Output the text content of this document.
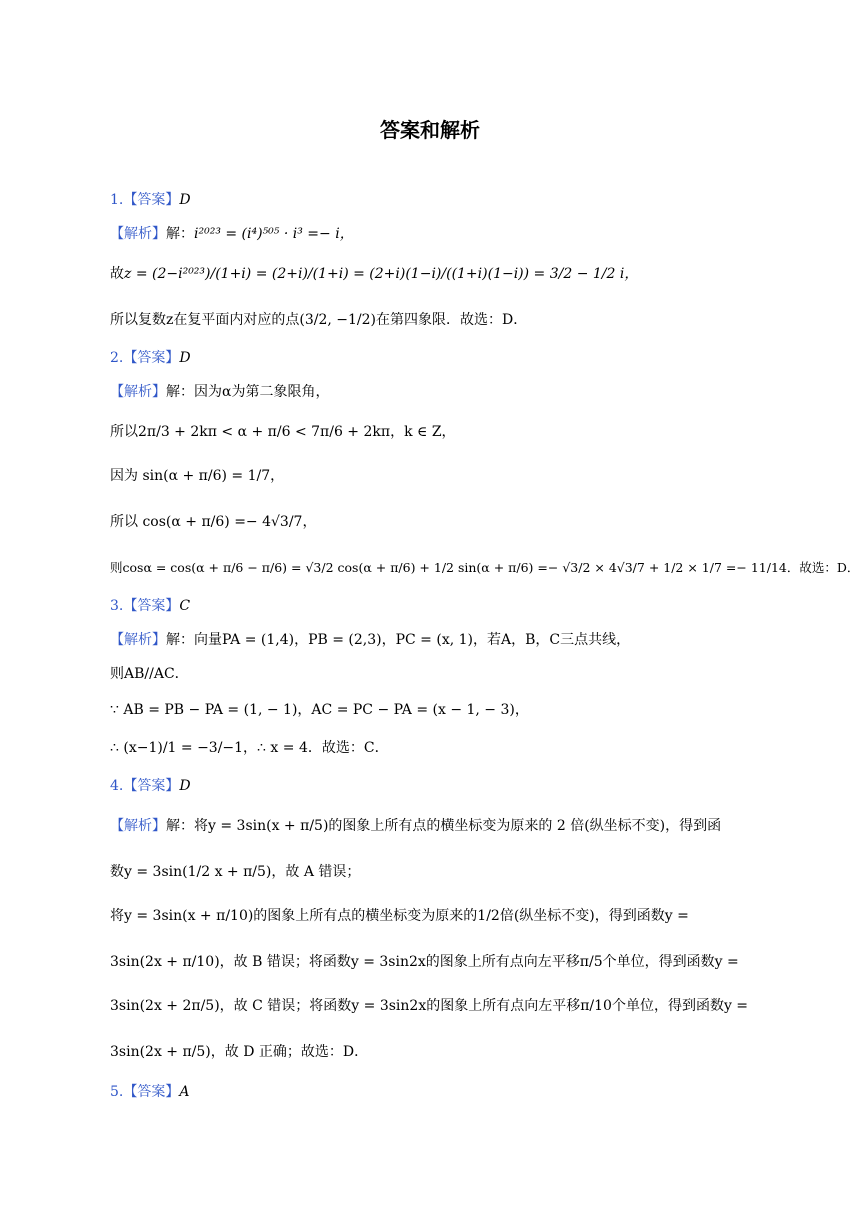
答案和解析
1.【答案】D
【解析】解：i²⁰²³ = (i⁴)⁵⁰⁵ · i³ =− i，
故z = (2−i²⁰²³)/(1+i) = (2+i)/(1+i) = (2+i)(1−i)/((1+i)(1−i)) = 3/2 − 1/2 i，
所以复数z在复平面内对应的点(3/2, −1/2)在第四象限．故选：D．
2.【答案】D
【解析】解：因为α为第二象限角，
所以2π/3 + 2kπ < α + π/6 < 7π/6 + 2kπ，k ∈ Z，
因为 sin(α + π/6) = 1/7，
所以 cos(α + π/6) =− 4√3/7，
则cosα = cos(α + π/6 − π/6) = √3/2 cos(α + π/6) + 1/2 sin(α + π/6) =− √3/2 × 4√3/7 + 1/2 × 1/7 =− 11/14．故选：D．
3.【答案】C
【解析】解：向量PA = (1,4)，PB = (2,3)，PC = (x, 1)，若A，B，C三点共线，
则AB//AC．
∵ AB = PB − PA = (1, − 1)，AC = PC − PA = (x − 1, − 3)，
∴ (x−1)/1 = −3/−1，∴ x = 4．故选：C．
4.【答案】D
【解析】解：将y = 3sin(x + π/5)的图象上所有点的横坐标变为原来的 2 倍(纵坐标不变)，得到函
数y = 3sin(1/2 x + π/5)，故 A 错误；
将y = 3sin(x + π/10)的图象上所有点的横坐标变为原来的1/2倍(纵坐标不变)，得到函数y =
3sin(2x + π/10)，故 B 错误；将函数y = 3sin2x的图象上所有点向左平移π/5个单位，得到函数y =
3sin(2x + 2π/5)，故 C 错误；将函数y = 3sin2x的图象上所有点向左平移π/10个单位，得到函数y =
3sin(2x + π/5)，故 D 正确；故选：D．
5.【答案】A
